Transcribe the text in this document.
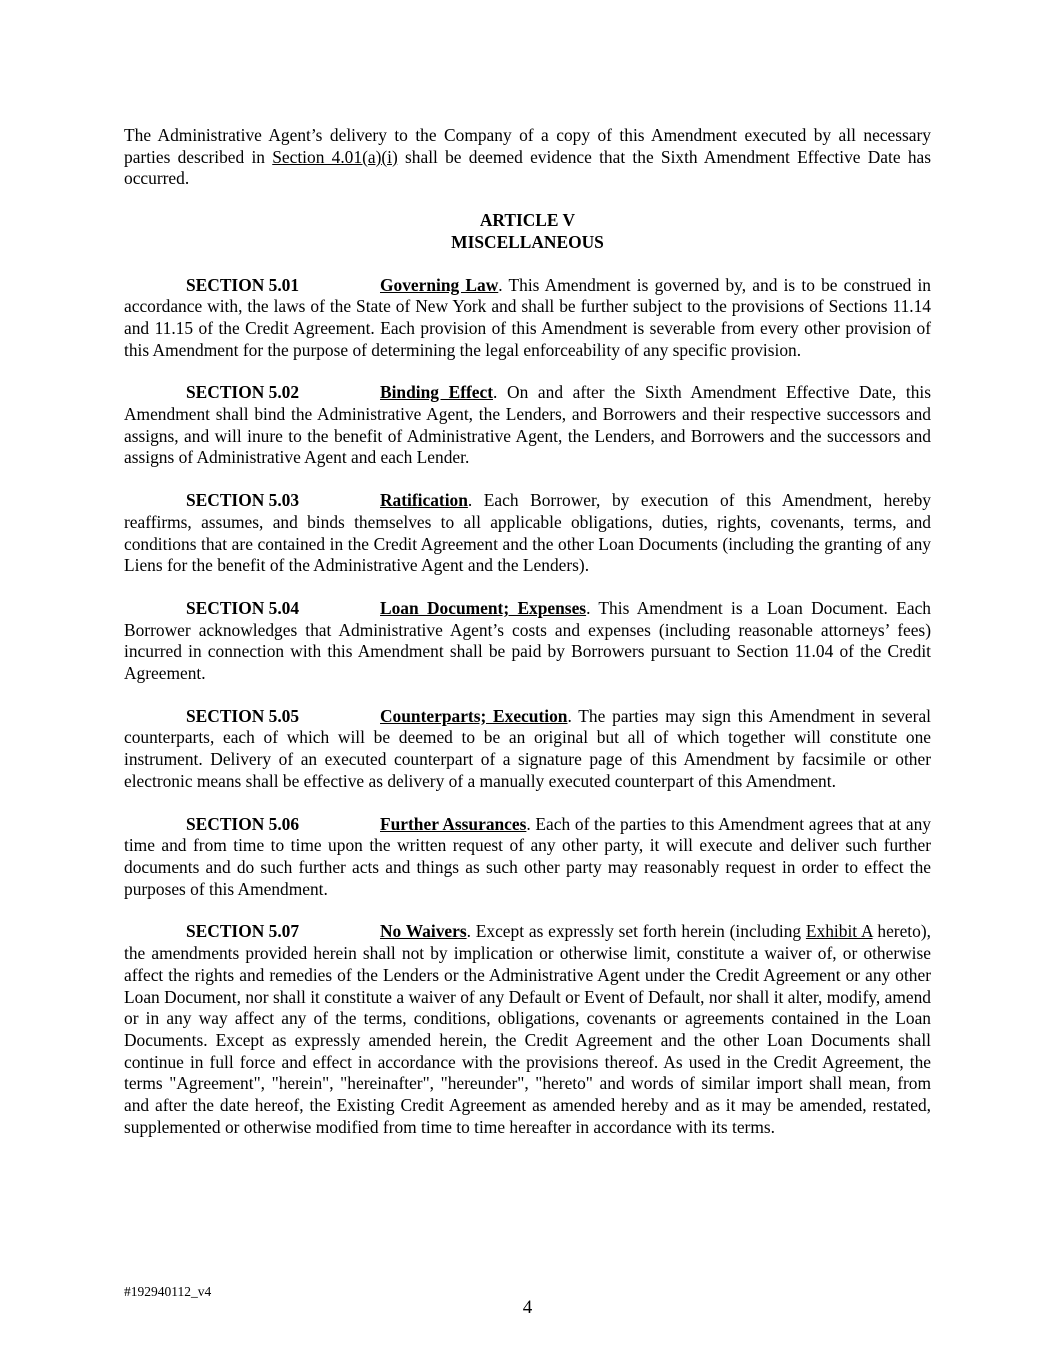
The Administrative Agent’s delivery to the Company of a copy of this Amendment executed by all necessary parties described in Section 4.01(a)(i) shall be deemed evidence that the Sixth Amendment Effective Date has occurred.

ARTICLE V
MISCELLANEOUS

SECTION 5.01	Governing Law. This Amendment is governed by, and is to be construed in accordance with, the laws of the State of New York and shall be further subject to the provisions of Sections 11.14 and 11.15 of the Credit Agreement. Each provision of this Amendment is severable from every other provision of this Amendment for the purpose of determining the legal enforceability of any specific provision.

SECTION 5.02	Binding Effect. On and after the Sixth Amendment Effective Date, this Amendment shall bind the Administrative Agent, the Lenders, and Borrowers and their respective successors and assigns, and will inure to the benefit of Administrative Agent, the Lenders, and Borrowers and the successors and assigns of Administrative Agent and each Lender.

SECTION 5.03	Ratification. Each Borrower, by execution of this Amendment, hereby reaffirms, assumes, and binds themselves to all applicable obligations, duties, rights, covenants, terms, and conditions that are contained in the Credit Agreement and the other Loan Documents (including the granting of any Liens for the benefit of the Administrative Agent and the Lenders).

SECTION 5.04	Loan Document; Expenses. This Amendment is a Loan Document. Each Borrower acknowledges that Administrative Agent’s costs and expenses (including reasonable attorneys’ fees) incurred in connection with this Amendment shall be paid by Borrowers pursuant to Section 11.04 of the Credit Agreement.

SECTION 5.05	Counterparts; Execution. The parties may sign this Amendment in several counterparts, each of which will be deemed to be an original but all of which together will constitute one instrument. Delivery of an executed counterpart of a signature page of this Amendment by facsimile or other electronic means shall be effective as delivery of a manually executed counterpart of this Amendment.

SECTION 5.06	Further Assurances. Each of the parties to this Amendment agrees that at any time and from time to time upon the written request of any other party, it will execute and deliver such further documents and do such further acts and things as such other party may reasonably request in order to effect the purposes of this Amendment.

SECTION 5.07	No Waivers. Except as expressly set forth herein (including Exhibit A hereto), the amendments provided herein shall not by implication or otherwise limit, constitute a waiver of, or otherwise affect the rights and remedies of the Lenders or the Administrative Agent under the Credit Agreement or any other Loan Document, nor shall it constitute a waiver of any Default or Event of Default, nor shall it alter, modify, amend or in any way affect any of the terms, conditions, obligations, covenants or agreements contained in the Loan Documents. Except as expressly amended herein, the Credit Agreement and the other Loan Documents shall continue in full force and effect in accordance with the provisions thereof. As used in the Credit Agreement, the terms "Agreement", "herein", "hereinafter", "hereunder", "hereto" and words of similar import shall mean, from and after the date hereof, the Existing Credit Agreement as amended hereby and as it may be amended, restated, supplemented or otherwise modified from time to time hereafter in accordance with its terms.

#192940112_v4
4
